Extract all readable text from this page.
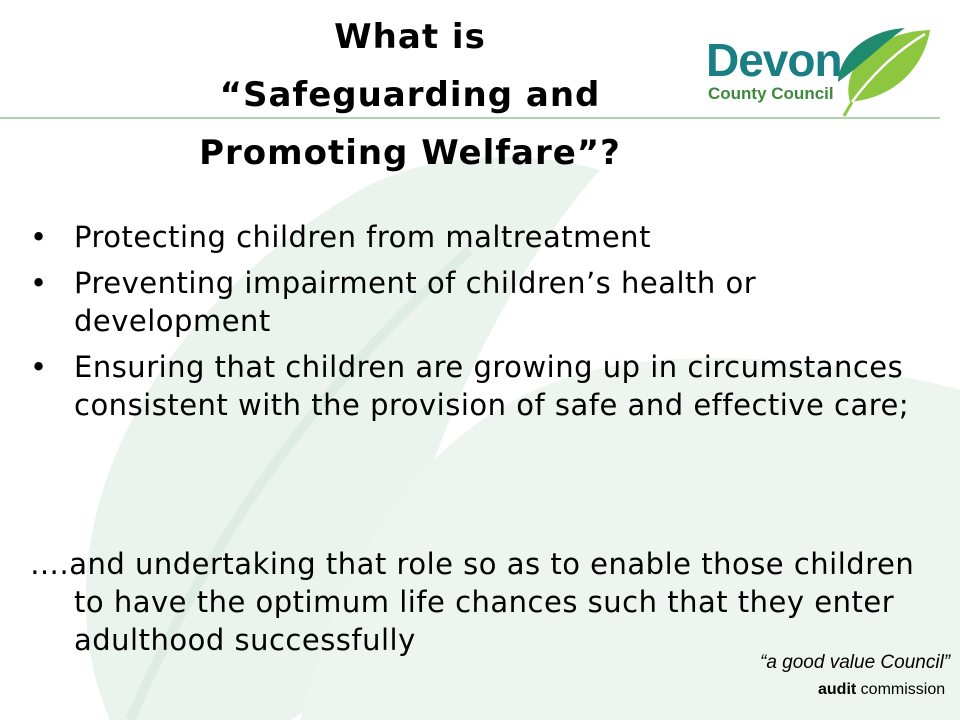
What is
“Safeguarding and
Promoting Welfare”?
Devon
County Council
• Protecting children from maltreatment
• Preventing impairment of children’s health or development
• Ensuring that children are growing up in circumstances consistent with the provision of safe and effective care;
….and undertaking that role so as to enable those children to have the optimum life chances such that they enter adulthood successfully
“a good value Council”
audit commission
